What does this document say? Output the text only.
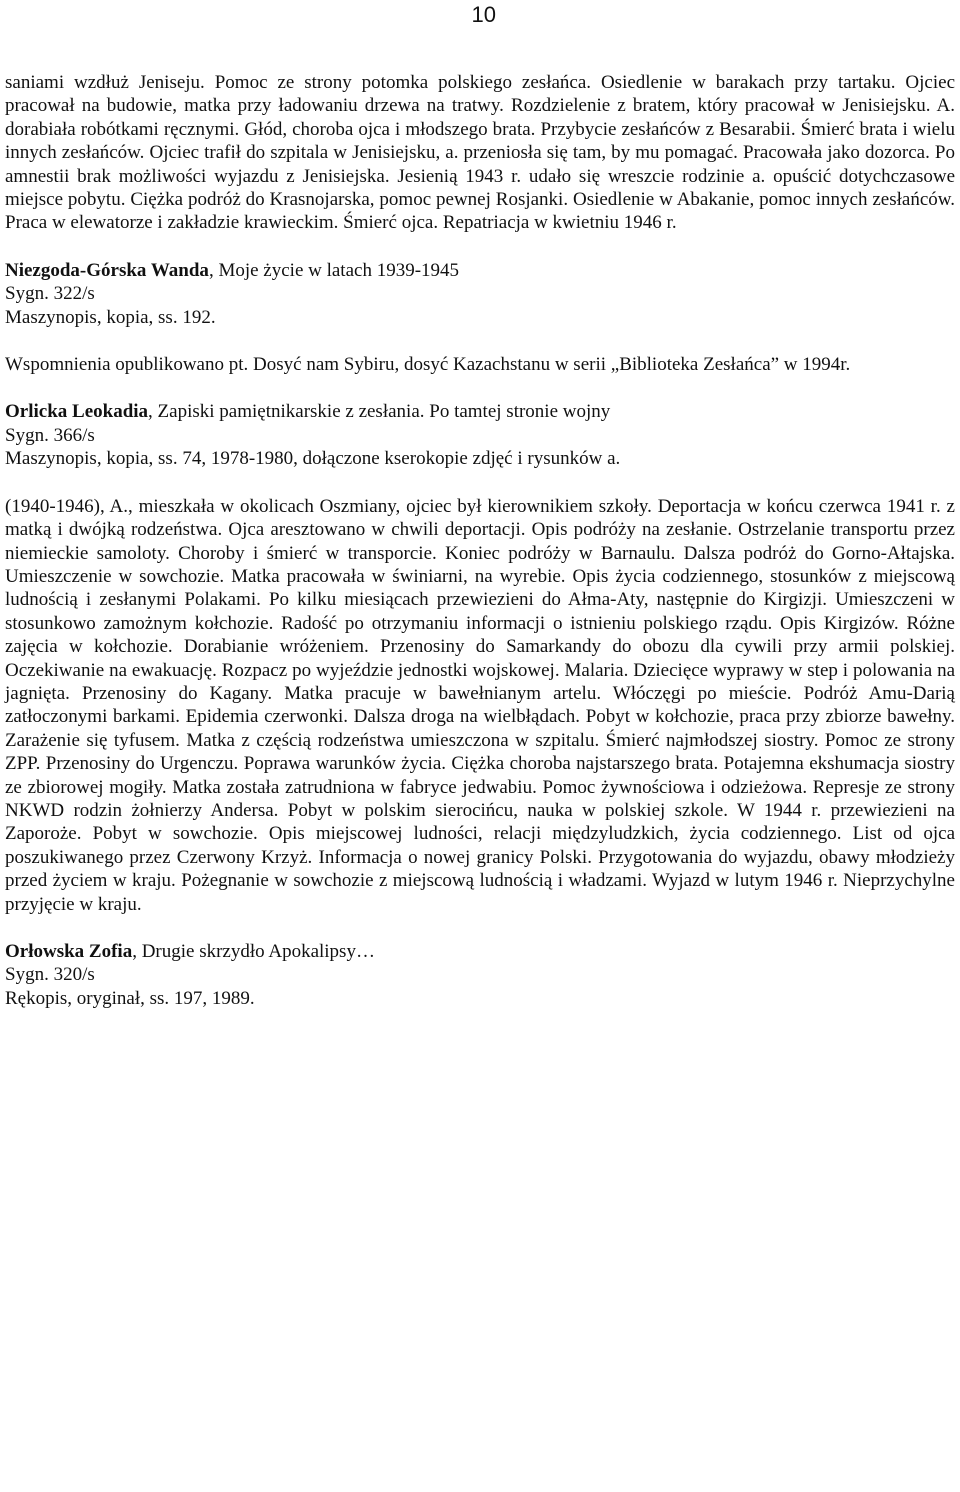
10

saniami wzdłuż Jeniseju. Pomoc ze strony potomka polskiego zesłańca. Osiedlenie w barakach przy tartaku. Ojciec pracował na budowie, matka przy ładowaniu drzewa na tratwy. Rozdzielenie z bratem, który pracował w Jenisiejsku. A. dorabiała robótkami ręcznymi. Głód, choroba ojca i młodszego brata. Przybycie zesłańców z Besarabii. Śmierć brata i wielu innych zesłańców. Ojciec trafił do szpitala w Jenisiejsku, a. przeniosła się tam, by mu pomagać. Pracowała jako dozorca. Po amnestii brak możliwości wyjazdu z Jenisiejska. Jesienią 1943 r. udało się wreszcie rodzinie a. opuścić dotychczasowe miejsce pobytu. Ciężka podróż do Krasnojarska, pomoc pewnej Rosjanki. Osiedlenie w Abakanie, pomoc innych zesłańców. Praca w elewatorze i zakładzie krawieckim. Śmierć ojca. Repatriacja w kwietniu 1946 r.

Niezgoda-Górska Wanda, Moje życie w latach 1939-1945

Sygn. 322/s

Maszynopis, kopia, ss. 192.

Wspomnienia opublikowano pt. Dosyć nam Sybiru, dosyć Kazachstanu w serii „Biblioteka Zesłańca” w 1994r.

Orlicka Leokadia, Zapiski pamiętnikarskie z zesłania. Po tamtej stronie wojny

Sygn. 366/s

Maszynopis, kopia, ss. 74, 1978-1980, dołączone kserokopie zdjęć i rysunków a.

(1940-1946), A., mieszkała w okolicach Oszmiany, ojciec był kierownikiem szkoły. Deportacja w końcu czerwca 1941 r. z matką i dwójką rodzeństwa. Ojca aresztowano w chwili deportacji. Opis podróży na zesłanie. Ostrzelanie transportu przez niemieckie samoloty. Choroby i śmierć w transporcie. Koniec podróży w Barnaulu. Dalsza podróż do Gorno-Ałtajska. Umieszczenie w sowchozie. Matka pracowała w świniarni, na wyrebie. Opis życia codziennego, stosunków z miejscową ludnością i zesłanymi Polakami. Po kilku miesiącach przewiezieni do Ałma-Aty, następnie do Kirgizji. Umieszczeni w stosunkowo zamożnym kołchozie. Radość po otrzymaniu informacji o istnieniu polskiego rządu. Opis Kirgizów. Różne zajęcia w kołchozie. Dorabianie wróżeniem. Przenosiny do Samarkandy do obozu dla cywili przy armii polskiej. Oczekiwanie na ewakuację. Rozpacz po wyjeździe jednostki wojskowej. Malaria. Dziecięce wyprawy w step i polowania na jagnięta. Przenosiny do Kagany. Matka pracuje w bawełnianym artelu. Włóczęgi po mieście. Podróż Amu-Darią zatłoczonymi barkami. Epidemia czerwonki. Dalsza droga na wielbłądach. Pobyt w kołchozie, praca przy zbiorze bawełny. Zarażenie się tyfusem. Matka z częścią rodzeństwa umieszczona w szpitalu. Śmierć najmłodszej siostry. Pomoc ze strony ZPP. Przenosiny do Urgenczu. Poprawa warunków życia. Ciężka choroba najstarszego brata. Potajemna ekshumacja siostry ze zbiorowej mogiły. Matka została zatrudniona w fabryce jedwabiu. Pomoc żywnościowa i odzieżowa. Represje ze strony NKWD rodzin żołnierzy Andersa. Pobyt w polskim sierocińcu, nauka w polskiej szkole. W 1944 r. przewiezieni na Zaporoże. Pobyt w sowchozie. Opis miejscowej ludności, relacji międzyludzkich, życia codziennego. List od ojca poszukiwanego przez Czerwony Krzyż. Informacja o nowej granicy Polski. Przygotowania do wyjazdu, obawy młodzieży przed życiem w kraju. Pożegnanie w sowchozie z miejscową ludnością i władzami. Wyjazd w lutym 1946 r. Nieprzychylne przyjęcie w kraju.

Orłowska Zofia, Drugie skrzydło Apokalipsy…

Sygn. 320/s

Rękopis, oryginał, ss. 197, 1989.
